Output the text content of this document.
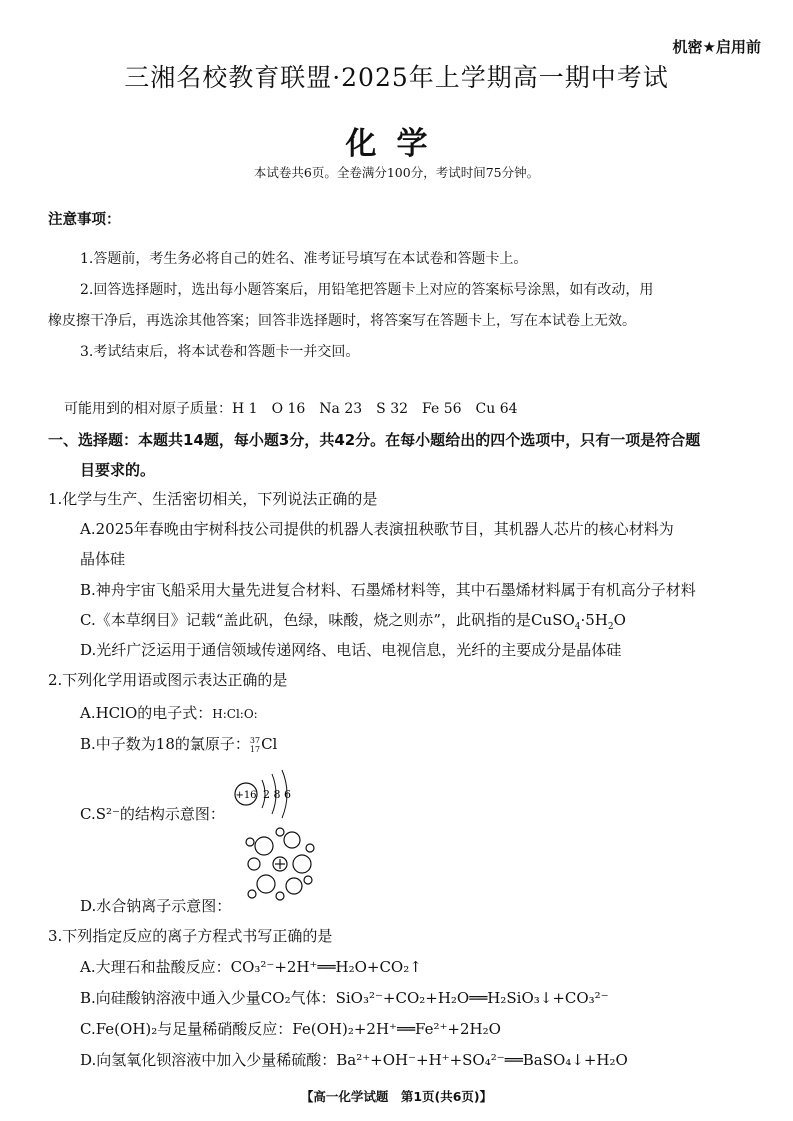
机密★启用前
三湘名校教育联盟·2025年上学期高一期中考试
化学
本试卷共6页。全卷满分100分，考试时间75分钟。
注意事项：
1.答题前，考生务必将自己的姓名、准考证号填写在本试卷和答题卡上。
2.回答选择题时，选出每小题答案后，用铅笔把答题卡上对应的答案标号涂黑，如有改动，用
橡皮擦干净后，再选涂其他答案；回答非选择题时，将答案写在答题卡上，写在本试卷上无效。
3.考试结束后，将本试卷和答题卡一并交回。
可能用到的相对原子质量：H 1　O 16　Na 23　S 32　Fe 56　Cu 64
一、选择题：本题共14题，每小题3分，共42分。在每小题给出的四个选项中，只有一项是符合题
目要求的。
1.化学与生产、生活密切相关，下列说法正确的是
A.2025年春晚由宇树科技公司提供的机器人表演扭秧歌节目，其机器人芯片的核心材料为
晶体硅
B.神舟宇宙飞船采用大量先进复合材料、石墨烯材料等，其中石墨烯材料属于有机高分子材料
C.《本草纲目》记载“盖此矾，色绿，味酸，烧之则赤”，此矾指的是$CuSO_4\cdot 5H_2O$
D.光纤广泛运用于通信领域传递网络、电话、电视信息，光纤的主要成分是晶体硅
2.下列化学用语或图示表达正确的是
A.HClO的电子式：H:Cl:O:
B.中子数为18的氯原子：37
17Cl
+16 2 8 6
C.S²⁻的结构示意图：
D.水合钠离子示意图：
3.下列指定反应的离子方程式书写正确的是
A.大理石和盐酸反应：CO₃²⁻+2H⁺══H₂O+CO₂↑
B.向硅酸钠溶液中通入少量CO₂气体：SiO₃²⁻+CO₂+H₂O══H₂SiO₃↓+CO₃²⁻
C.Fe(OH)₂与足量稀硝酸反应：Fe(OH)₂+2H⁺══Fe²⁺+2H₂O
D.向氢氧化钡溶液中加入少量稀硫酸：Ba²⁺+OH⁻+H⁺+SO₄²⁻══BaSO₄↓+H₂O
【高一化学试题　第1页(共6页)】
